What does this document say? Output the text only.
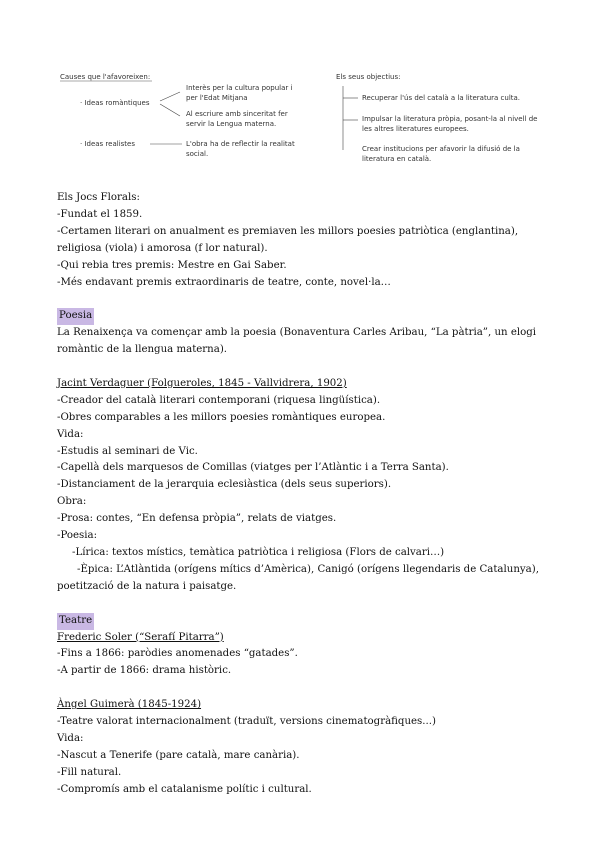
Causes que l'afavoreixen:
· Ideas romàntiques
Interès per la cultura popular i
per l'Edat Mitjana
Al escriure amb sinceritat fer
servir la Lengua materna.
· Ideas realistes	L'obra ha de reflectir la realitat
social.
Els seus objectius:
Recuperar l'ús del català a la literatura culta.
Impulsar la literatura pròpia, posant-la al nivell de
les altres literatures europees.
Crear institucions per afavorir la difusió de la
literatura en català.
Els Jocs Florals:
-Fundat el 1859.
-Certamen literari on anualment es premiaven les millors poesies patriòtica (englantina),
religiosa (viola) i amorosa (f lor natural).
-Qui rebia tres premis: Mestre en Gai Saber.
-Més endavant premis extraordinaris de teatre, conte, novel·la…
Poesia
La Renaixença va començar amb la poesia (Bonaventura Carles Aribau, “La pàtria”, un elogi
romàntic de la llengua materna).
Jacint Verdaguer (Folgueroles, 1845 - Vallvidrera, 1902)
-Creador del català literari contemporani (riquesa lingüística).
-Obres comparables a les millors poesies romàntiques europea.
Vida:
-Estudis al seminari de Vic.
-Capellà dels marquesos de Comillas (viatges per l’Atlàntic i a Terra Santa).
-Distanciament de la jerarquia eclesiàstica (dels seus superiors).
Obra:
-Prosa: contes, “En defensa pròpia”, relats de viatges.
-Poesia:
-Lírica: textos místics, temàtica patriòtica i religiosa (Flors de calvari…)
-Èpica: L’Atlàntida (orígens mítics d’Amèrica), Canigó (orígens llegendaris de Catalunya),
poetització de la natura i paisatge.
Teatre
Frederic Soler (“Serafí Pitarra”)
-Fins a 1866: paròdies anomenades “gatades”.
-A partir de 1866: drama històric.
Àngel Guimerà (1845-1924)
-Teatre valorat internacionalment (traduït, versions cinematogràfiques...)
Vida:
-Nascut a Tenerife (pare català, mare canària).
-Fill natural.
-Compromís amb el catalanisme polític i cultural.
